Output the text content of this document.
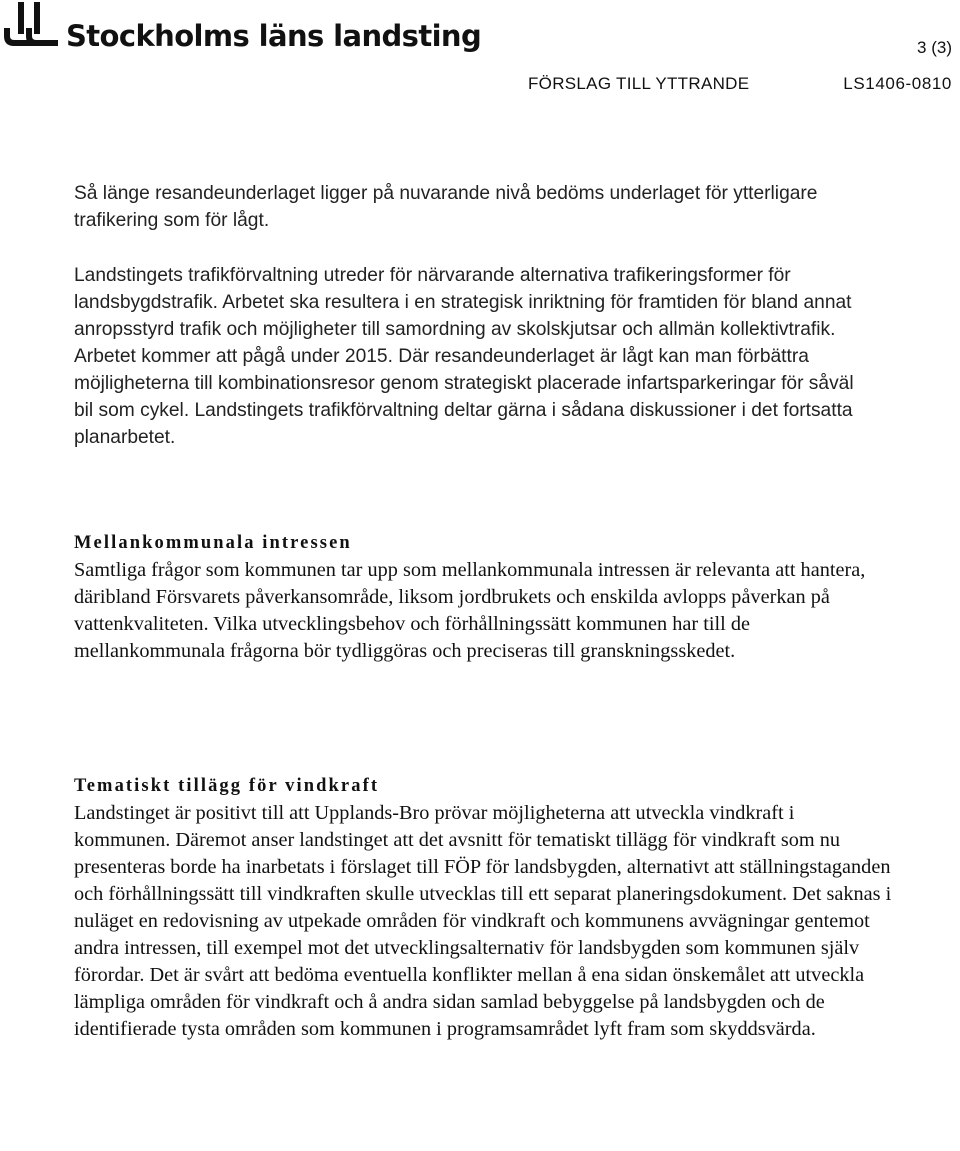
Stockholms läns landsting	3 (3)
FÖRSLAG TILL YTTRANDE	LS1406-0810

Så länge resandeunderlaget ligger på nuvarande nivå bedöms underlaget för ytterligare trafikering som för lågt.

Landstingets trafikförvaltning utreder för närvarande alternativa trafikeringsformer för landsbygdstrafik. Arbetet ska resultera i en strategisk inriktning för framtiden för bland annat anropsstyrd trafik och möjligheter till samordning av skolskjutsar och allmän kollektivtrafik. Arbetet kommer att pågå under 2015. Där resandeunderlaget är lågt kan man förbättra möjligheterna till kombinationsresor genom strategiskt placerade infartsparkeringar för såväl bil som cykel. Landstingets trafikförvaltning deltar gärna i sådana diskussioner i det fortsatta planarbetet.

Mellankommunala intressen

Samtliga frågor som kommunen tar upp som mellankommunala intressen är relevanta att hantera, däribland Försvarets påverkansområde, liksom jordbrukets och enskilda avlopps påverkan på vattenkvaliteten. Vilka utvecklingsbehov och förhållningssätt kommunen har till de mellankommunala frågorna bör tydliggöras och preciseras till granskningsskedet.

Tematiskt tillägg för vindkraft

Landstinget är positivt till att Upplands-Bro prövar möjligheterna att utveckla vindkraft i kommunen. Däremot anser landstinget att det avsnitt för tematiskt tillägg för vindkraft som nu presenteras borde ha inarbetats i förslaget till FÖP för landsbygden, alternativt att ställningstaganden och förhållningssätt till vindkraften skulle utvecklas till ett separat planeringsdokument. Det saknas i nuläget en redovisning av utpekade områden för vindkraft och kommunens avvägningar gentemot andra intressen, till exempel mot det utvecklingsalternativ för landsbygden som kommunen själv förordar. Det är svårt att bedöma eventuella konflikter mellan å ena sidan önskemålet att utveckla lämpliga områden för vindkraft och å andra sidan samlad bebyggelse på landsbygden och de identifierade tysta områden som kommunen i programsamrådet lyft fram som skyddsvärda.
